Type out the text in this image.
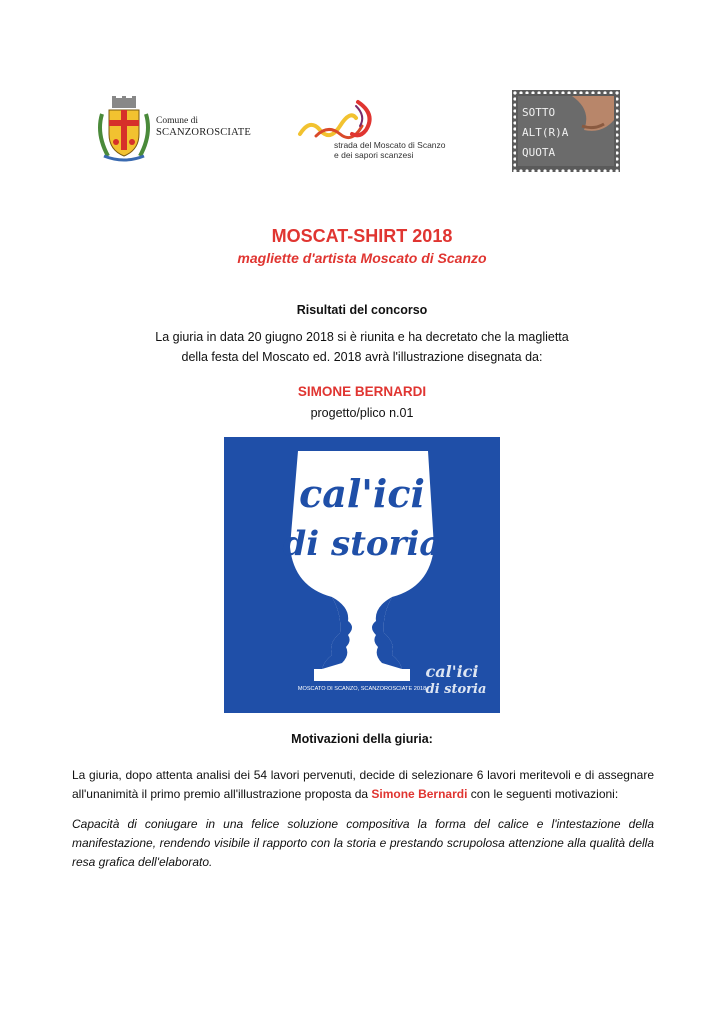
Comune di
SCANZOROSCIATE
strada del Moscato di Scanzo
e dei sapori scanzesi
SOTTO
ALT(R)A
QUOTA
MOSCAT-SHIRT 2018
magliette d'artista Moscato di Scanzo
Risultati del concorso
La giuria in data 20 giugno 2018 si è riunita e ha decretato che la maglietta
della festa del Moscato ed. 2018 avrà l'illustrazione disegnata da:
SIMONE BERNARDI
progetto/plico n.01
cal'ici
di storia
MOSCATO DI SCANZO, SCANZOROSCIATE 2018
cal'ici
di storia
Motivazioni della giuria:
La giuria, dopo attenta analisi dei 54 lavori pervenuti, decide di selezionare 6 lavori meritevoli e di assegnare all'unanimità il primo premio all'illustrazione proposta da Simone Bernardi con le seguenti motivazioni:
Capacità di coniugare in una felice soluzione compositiva la forma del calice e l'intestazione della manifestazione, rendendo visibile il rapporto con la storia e prestando scrupolosa attenzione alla qualità della resa grafica dell'elaborato.
